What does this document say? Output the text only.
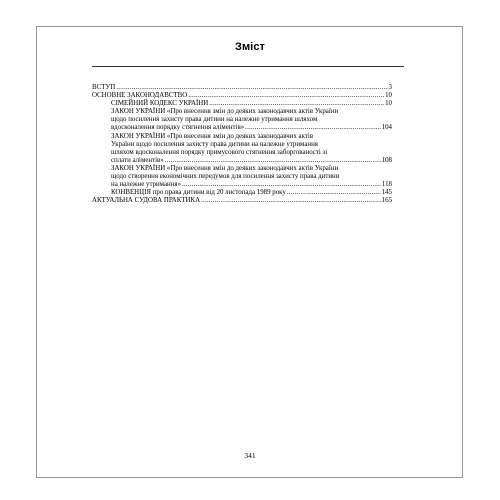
Зміст
ВСТУП .....	3
ОСНОВНЕ ЗАКОНОДАВСТВО .....	10
СІМЕЙНИЙ КОДЕКС УКРАЇНИ .....	10
ЗАКОН УКРАЇНИ «Про внесення змін до деяких законодавчих актів України
щодо посилення захисту права дитини на належне утримання шляхом
вдосконалення порядку стягнення аліментів» .....	104
ЗАКОН УКРАЇНИ «Про внесення змін до деяких законодавчих актів
України щодо посилення захисту права дитини на належне утримання
шляхом вдосконалення порядку примусового стягнення заборгованості зі
сплати аліментів» .....	108
ЗАКОН УКРАЇНИ «Про внесення змін до деяких законодавчих актів України
щодо створення економічних передумов для посилення захисту права дитини
на належне утримання» .....	118
КОНВЕНЦІЯ про права дитини від 20 листопада 1989 року .....	145
АКТУАЛЬНА СУДОВА ПРАКТИКА .....	165
341
